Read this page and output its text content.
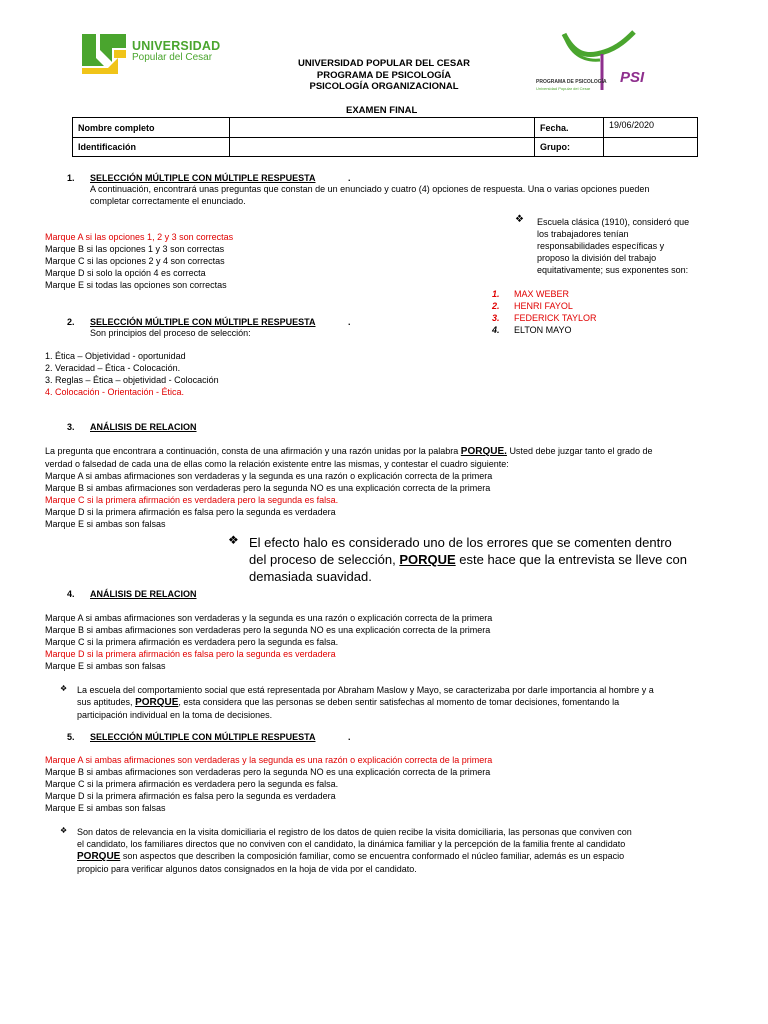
UNIVERSIDAD
Popular del Cesar
UNIVERSIDAD POPULAR DEL CESAR
PROGRAMA DE PSICOLOGÍA
PSICOLOGÍA ORGANIZACIONAL	PROGRAMA DE PSICOLOGÍA
Universidad Popular del Cesar
PSI
EXAMEN FINAL
Nombre completo		Fecha.	19/06/2020
Identificación		Grupo:	
1. SELECCIÓN MÚLTIPLE CON MÚLTIPLE RESPUESTA	.
A continuación, encontrará unas preguntas que constan de un enunciado y cuatro (4) opciones de respuesta. Una o varias opciones pueden
completar correctamente el enunciado.
Marque A si las opciones 1, 2 y 3 son correctas
Marque B si las opciones 1 y 3 son correctas
Marque C si las opciones 2 y 4 son correctas
Marque D si solo la opción 4 es correcta
Marque E si todas las opciones son correctas
❖ Escuela clásica (1910), consideró que
los trabajadores tenían
responsabilidades específicas y
proposo la división del trabajo
equitativamente; sus exponentes son:
1. MAX WEBER
2. HENRI FAYOL
3. FEDERICK TAYLOR
4. ELTON MAYO
2. SELECCIÓN MÚLTIPLE CON MÚLTIPLE RESPUESTA	.
Son principios del proceso de selección:
1. Ética – Objetividad - oportunidad
2. Veracidad – Ética - Colocación.
3. Reglas – Ética – objetividad - Colocación
4. Colocación - Orientación - Ética.
3. ANÁLISIS DE RELACION
La pregunta que encontrara a continuación, consta de una afirmación y una razón unidas por la palabra PORQUE. Usted debe juzgar tanto el grado de
verdad o falsedad de cada una de ellas como la relación existente entre las mismas, y contestar el cuadro siguiente:
Marque A si ambas afirmaciones son verdaderas y la segunda es una razón o explicación correcta de la primera
Marque B si ambas afirmaciones son verdaderas pero la segunda NO es una explicación correcta de la primera
Marque C si la primera afirmación es verdadera pero la segunda es falsa.
Marque D si la primera afirmación es falsa pero la segunda es verdadera
Marque E si ambas son falsas
❖ El efecto halo es considerado uno de los errores que se comenten dentro
del proceso de selección, PORQUE este hace que la entrevista se lleve con
demasiada suavidad.
4. ANÁLISIS DE RELACION
Marque A si ambas afirmaciones son verdaderas y la segunda es una razón o explicación correcta de la primera
Marque B si ambas afirmaciones son verdaderas pero la segunda NO es una explicación correcta de la primera
Marque C si la primera afirmación es verdadera pero la segunda es falsa.
Marque D si la primera afirmación es falsa pero la segunda es verdadera
Marque E si ambas son falsas
❖ La escuela del comportamiento social que está representada por Abraham Maslow y Mayo, se caracterizaba por darle importancia al hombre y a
sus aptitudes, PORQUE, esta considera que las personas se deben sentir satisfechas al momento de tomar decisiones, fomentando la
participación individual en la toma de decisiones.
5. SELECCIÓN MÚLTIPLE CON MÚLTIPLE RESPUESTA	.
Marque A si ambas afirmaciones son verdaderas y la segunda es una razón o explicación correcta de la primera
Marque B si ambas afirmaciones son verdaderas pero la segunda NO es una explicación correcta de la primera
Marque C si la primera afirmación es verdadera pero la segunda es falsa.
Marque D si la primera afirmación es falsa pero la segunda es verdadera
Marque E si ambas son falsas
❖ Son datos de relevancia en la visita domiciliaria el registro de los datos de quien recibe la visita domiciliaria, las personas que conviven con
el candidato, los familiares directos que no conviven con el candidato, la dinámica familiar y la percepción de la familia frente al candidato
PORQUE son aspectos que describen la composición familiar, como se encuentra conformado el núcleo familiar, además es un espacio
propicio para verificar algunos datos consignados en la hoja de vida por el candidato.
